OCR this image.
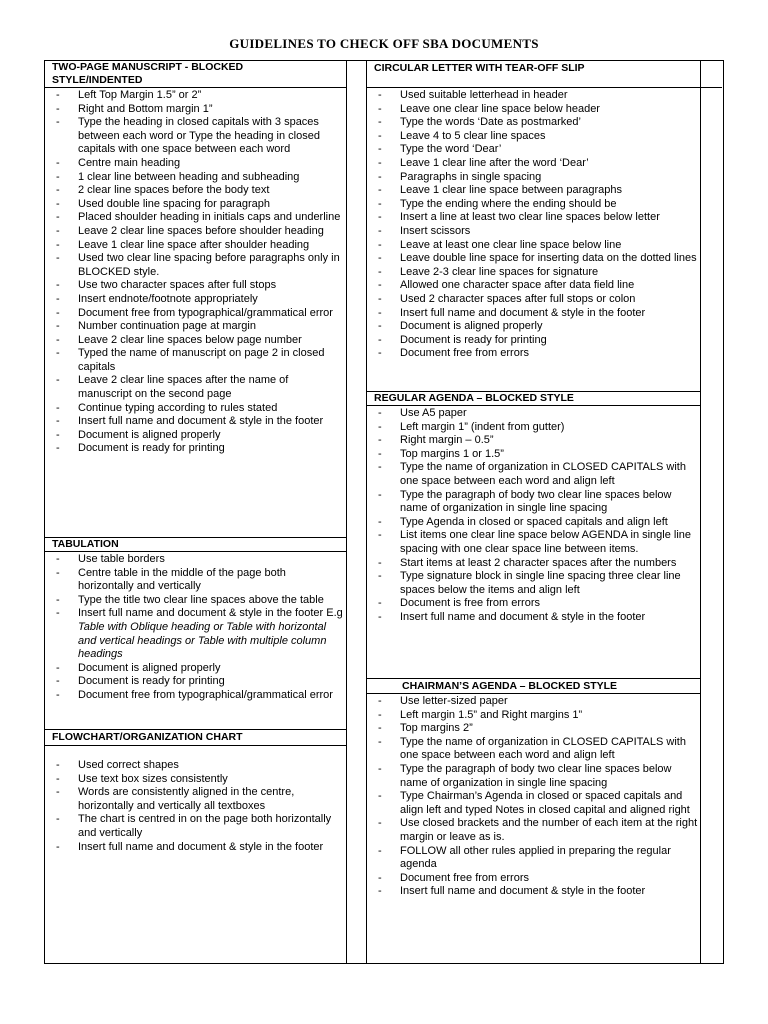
GUIDELINES TO CHECK OFF SBA DOCUMENTS
TWO-PAGE MANUSCRIPT - BLOCKED STYLE/INDENTED
- Left Top Margin 1.5” or 2”
- Right and Bottom margin 1”
- Type the heading in closed capitals with 3 spaces between each word or Type the heading in closed capitals with one space between each word
- Centre main heading
- 1 clear line between heading and subheading
- 2 clear line spaces before the body text
- Used double line spacing for paragraph
- Placed shoulder heading in initials caps and underline
- Leave 2 clear line spaces before shoulder heading
- Leave 1 clear line space after shoulder heading
- Used two clear line spacing before paragraphs only in BLOCKED style.
- Use two character spaces after full stops
- Insert endnote/footnote appropriately
- Document free from typographical/grammatical error
- Number continuation page at margin
- Leave 2 clear line spaces below page number
- Typed the name of manuscript on page 2 in closed capitals
- Leave 2 clear line spaces after the name of manuscript on the second page
- Continue typing according to rules stated
- Insert full name and document & style in the footer
- Document is aligned properly
- Document is ready for printing
TABULATION
- Use table borders
- Centre table in the middle of the page both horizontally and vertically
- Type the title two clear line spaces above the table
- Insert full name and document & style in the footer E.g Table with Oblique heading or Table with horizontal and vertical headings or Table with multiple column headings
- Document is aligned properly
- Document is ready for printing
- Document free from typographical/grammatical error
FLOWCHART/ORGANIZATION CHART
- Used correct shapes
- Use text box sizes consistently
- Words are consistently aligned in the centre, horizontally and vertically all textboxes
- The chart is centred in on the page both horizontally and vertically
- Insert full name and document & style in the footer
CIRCULAR LETTER WITH TEAR-OFF SLIP
- Used suitable letterhead in header
- Leave one clear line space below header
- Type the words ‘Date as postmarked’
- Leave 4 to 5 clear line spaces
- Type the word ‘Dear’
- Leave 1 clear line after the word ‘Dear’
- Paragraphs in single spacing
- Leave 1 clear line space between paragraphs
- Type the ending where the ending should be
- Insert a line at least two clear line spaces below letter
- Insert scissors
- Leave at least one clear line space below line
- Leave double line space for inserting data on the dotted lines
- Leave 2-3 clear line spaces for signature
- Allowed one character space after data field line
- Used 2 character spaces after full stops or colon
- Insert full name and document & style in the footer
- Document is aligned properly
- Document is ready for printing
- Document free from errors
REGULAR AGENDA – BLOCKED STYLE
- Use A5 paper
- Left margin 1” (indent from gutter)
- Right margin – 0.5”
- Top margins 1 or 1.5”
- Type the name of organization in CLOSED CAPITALS with one space between each word and align left
- Type the paragraph of body two clear line spaces below name of organization in single line spacing
- Type Agenda in closed or spaced capitals and align left
- List items one clear line space below AGENDA in single line spacing with one clear space line between items.
- Start items at least 2 character spaces after the numbers
- Type signature block in single line spacing three clear line spaces below the items and align left
- Document is free from errors
- Insert full name and document & style in the footer
CHAIRMAN’S AGENDA – BLOCKED STYLE
- Use letter-sized paper
- Left margin 1.5” and Right margins 1”
- Top margins 2”
- Type the name of organization in CLOSED CAPITALS with one space between each word and align left
- Type the paragraph of body two clear line spaces below name of organization in single line spacing
- Type Chairman’s Agenda in closed or spaced capitals and align left and typed Notes in closed capital and aligned right
- Use closed brackets and the number of each item at the right margin or leave as is.
- FOLLOW all other rules applied in preparing the regular agenda
- Document free from errors
- Insert full name and document & style in the footer
